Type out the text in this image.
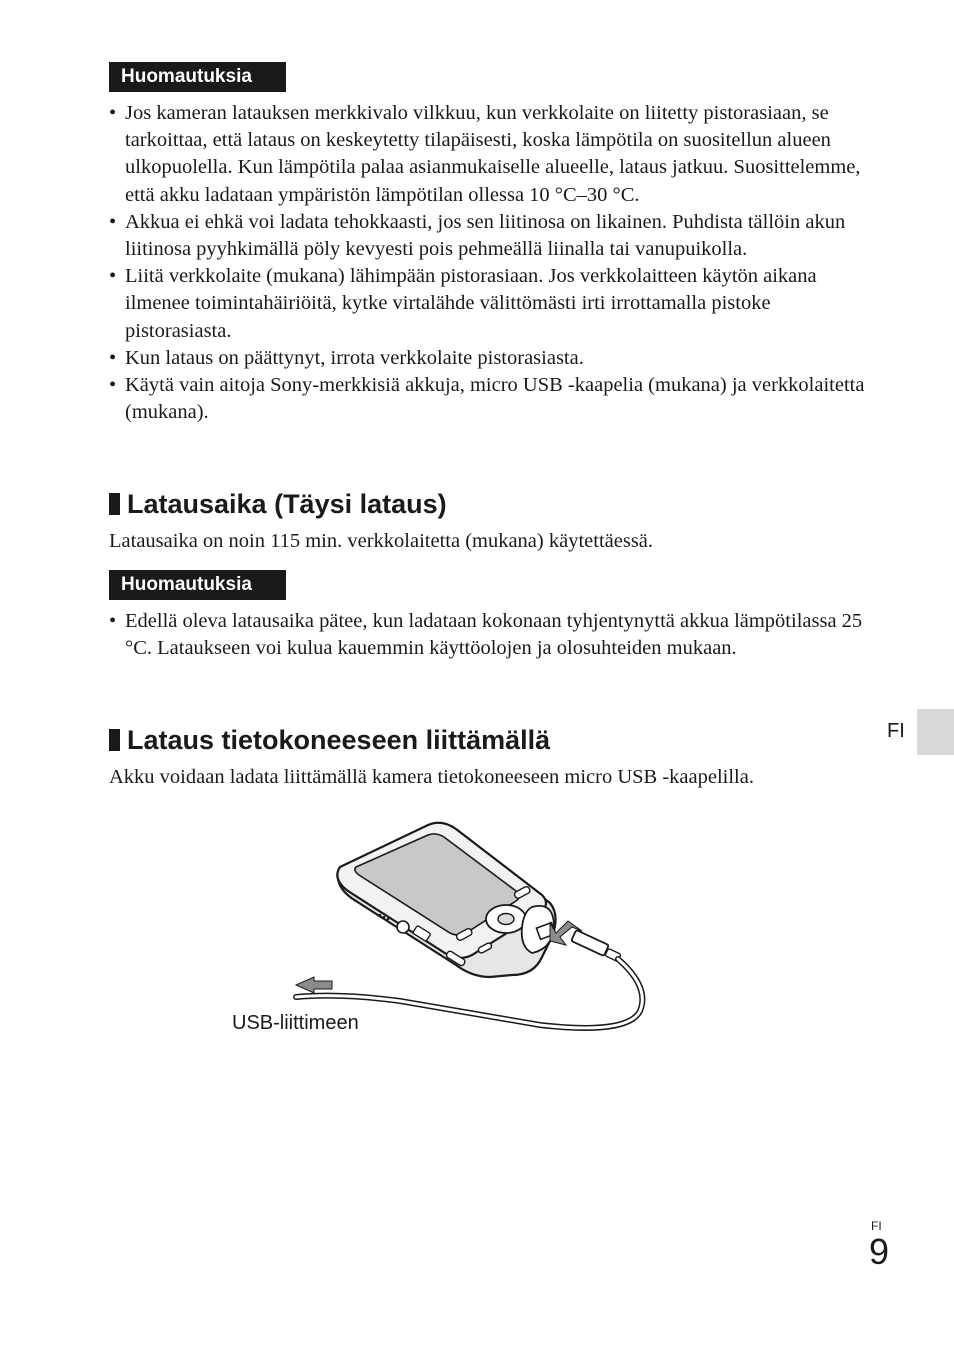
Huomautuksia
• Jos kameran latauksen merkkivalo vilkkuu, kun verkkolaite on liitetty pistorasiaan, se tarkoittaa, että lataus on keskeytetty tilapäisesti, koska lämpötila on suositellun alueen ulkopuolella. Kun lämpötila palaa asianmukaiselle alueelle, lataus jatkuu. Suosittelemme, että akku ladataan ympäristön lämpötilan ollessa 10 °C–30 °C.
• Akkua ei ehkä voi ladata tehokkaasti, jos sen liitinosa on likainen. Puhdista tällöin akun liitinosa pyyhkimällä pöly kevyesti pois pehmeällä liinalla tai vanupuikolla.
• Liitä verkkolaite (mukana) lähimpään pistorasiaan. Jos verkkolaitteen käytön aikana ilmenee toimintahäiriöitä, kytke virtalähde välittömästi irti irrottamalla pistoke pistorasiasta.
• Kun lataus on päättynyt, irrota verkkolaite pistorasiasta.
• Käytä vain aitoja Sony-merkkisiä akkuja, micro USB -kaapelia (mukana) ja verkkolaitetta (mukana).
Latausaika (Täysi lataus)

Latausaika on noin 115 min. verkkolaitetta (mukana) käytettäessä.

Huomautuksia
• Edellä oleva latausaika pätee, kun ladataan kokonaan tyhjentynyttä akkua lämpötilassa 25 °C. Lataukseen voi kulua kauemmin käyttöolojen ja olosuhteiden mukaan.
Lataus tietokoneeseen liittämällä

Akku voidaan ladata liittämällä kamera tietokoneeseen micro USB -kaapelilla.

FI
USB-liittimeen
FI
9
